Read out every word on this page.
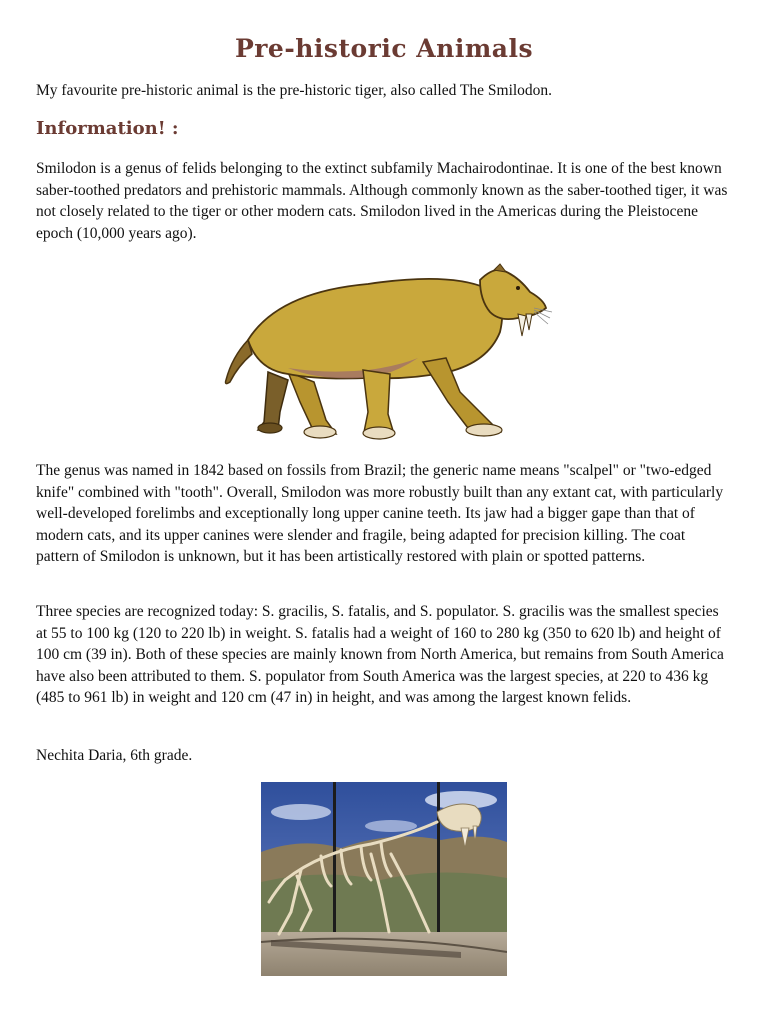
Pre-historic Animals

My favourite pre-historic animal is the pre-historic tiger, also called The Smilodon.

Information! :

Smilodon is a genus of felids belonging to the extinct subfamily Machairodontinae. It is one of the best known saber-toothed predators and prehistoric mammals. Although commonly known as the saber-toothed tiger, it was not closely related to the tiger or other modern cats. Smilodon lived in the Americas during the Pleistocene epoch (10,000 years ago).

The genus was named in 1842 based on fossils from Brazil; the generic name means "scalpel" or "two-edged knife" combined with "tooth". Overall, Smilodon was more robustly built than any extant cat, with particularly well-developed forelimbs and exceptionally long upper canine teeth. Its jaw had a bigger gape than that of modern cats, and its upper canines were slender and fragile, being adapted for precision killing. The coat pattern of Smilodon is unknown, but it has been artistically restored with plain or spotted patterns.

Three species are recognized today: S. gracilis, S. fatalis, and S. populator. S. gracilis was the smallest species at 55 to 100 kg (120 to 220 lb) in weight. S. fatalis had a weight of 160 to 280 kg (350 to 620 lb) and height of 100 cm (39 in). Both of these species are mainly known from North America, but remains from South America have also been attributed to them. S. populator from South America was the largest species, at 220 to 436 kg (485 to 961 lb) in weight and 120 cm (47 in) in height, and was among the largest known felids.

Nechita Daria, 6th grade.
